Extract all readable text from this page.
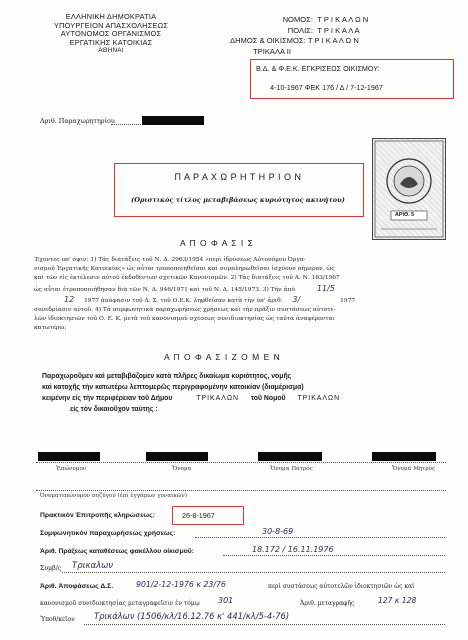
ΕΛΛΗΝΙΚΗ ΔΗΜΟΚΡΑΤΙΑ
ΥΠΟΥΡΓΕΙΟΝ ΑΠΑΣΧΟΛΗΣΕΩΣ
ΑΥΤΟΝΟΜΟΣ ΟΡΓΑΝΙΣΜΟΣ
ΕΡΓΑΤΙΚΗΣ ΚΑΤΟΙΚΙΑΣ
ΑΘΗΝΑΙ
ΝΟΜΟΣ: Τ Ρ Ι Κ Α Λ Ω Ν
ΠΟΛΙΣ: Τ Ρ Ι Κ Α Λ Α
ΔΗΜΟΣ & ΟΙΚΙΣΜΟΣ: Τ Ρ Ι Κ Α Λ Ω Ν
ΤΡΙΚΑΛΑ ΙΙ
Β.Δ. & Φ.Ε.Κ. ΕΓΚΡΙΣΕΩΣ ΟΙΚΙΣΜΟΥ:
4-10-1967 ΦΕΚ 176 / Δ / 7-12-1967
Αριθ. Παραχωρητηρίου
Π Α Ρ Α Χ Ω Ρ Η Τ Η Ρ Ι Ο Ν
(Οριστικός τίτλος μεταβιβάσεως κυριότητος ακινήτου)
ΑΡΙΘ. 5
Α Π Ο Φ Α Σ Ι Σ
Έχοντες υπ' όψιν: 1) Τάς διατάξεις τοῦ Ν. Δ. 2963/1954 «περὶ ἱδρύσεως Αὐτονόμου Ὀργα-
νισμοῦ Ἐργατικῆς Κατοικίας» ὡς αὗται τροποποιηθεῖσαι καὶ συμπληρωθεῖσαι ἰσχύουν σήμερον, ὡς
καὶ τῶν εἰς ἐκτέλεσιν αὐτοῦ ἐκδοθέντων σχετικῶν Κανονισμῶν. 2) Τάς διατάξεις τοῦ Α. Ν. 163/1967
ὡς αὗται ἐτροποποιήθησαν διὰ τῶν Ν. Δ. 946/1971 καὶ τοῦ Ν. Δ. 145/1973. 3) Τὴν ἀπὸ	11/5
12 1977 ἀπόφασιν τοῦ Δ. Σ. τοῦ Ο.Ε.Κ. ληφθεῖσαν κατὰ τὴν ὑπ' ἀριθ. 3/	1977
συνεδρίασιν αὐτοῦ. 4) Τὰ συμφωνητικὰ παραχωρήσεως χρήσεως καὶ τὴν πρᾶξιν συστάσεως αὐτοτε-
λῶν ἰδιοκτησιῶν τοῦ Ο. Ε. Κ. μετὰ τοῦ κανονισμοῦ σχέσεως συνιδιοκτησίας ὡς ταῦτα ἀναφέρονται
κατωτέρω:
Α Π Ο Φ Α Σ Ι Ζ Ο Μ Ε Ν
Παραχωροῦμεν καὶ μεταβιβάζομεν κατὰ πλῆρες δικαίωμα κυριότητος, νομῆς
καὶ κατοχῆς τὴν κατωτέρω λεπτομερῶς περιγραφομένην κατοικίαν (διαμέρισμα)
κειμένην εἰς τὴν περιφέρειαν τοῦ Δήμου	ΤΡΙΚΑΛΩΝ τοῦ Νομοῦ ΤΡΙΚΑΛΩΝ
εἰς τὸν δικαιοῦχον ταύτης :
Ἐπώνυμον	Ὄνομα	Ὄνομα Πατρός	Ὄνομα Μητρός
Ὀνοματεπώνυμον συζύγου (ἐπὶ ἐγγάμων γυναικῶν)
Πρακτικὸν Ἐπιτροπῆς κληρώσεως:	26-8-1967
Συμφωνητικὸν παραχωρήσεως χρήσεως:	30-8-69
Ἀριθ. Πράξεως καταθέσεως φακέλλου οἰκισμοῦ:	18.172 / 16.11.1976
Συμβ/ς Τρικαλων
Ἀριθ. Ἀποφάσεως Δ.Σ.	901/2-12-1976 κ 23/76	περὶ συστάσεως αὐτοτελῶν ἰδιοκτησιῶν ὡς καὶ
κανονισμοῦ συνιδιοκτησίας μεταγραφεῖσιν ἐν τόμῳ 301	Ἀριθ. μεταγραφῆς	127 κ 128
Ὑποθ/κεῖον Τρικάλων (1506/κλ/16.12.76 κ' 441/κλ/5-4-76)
